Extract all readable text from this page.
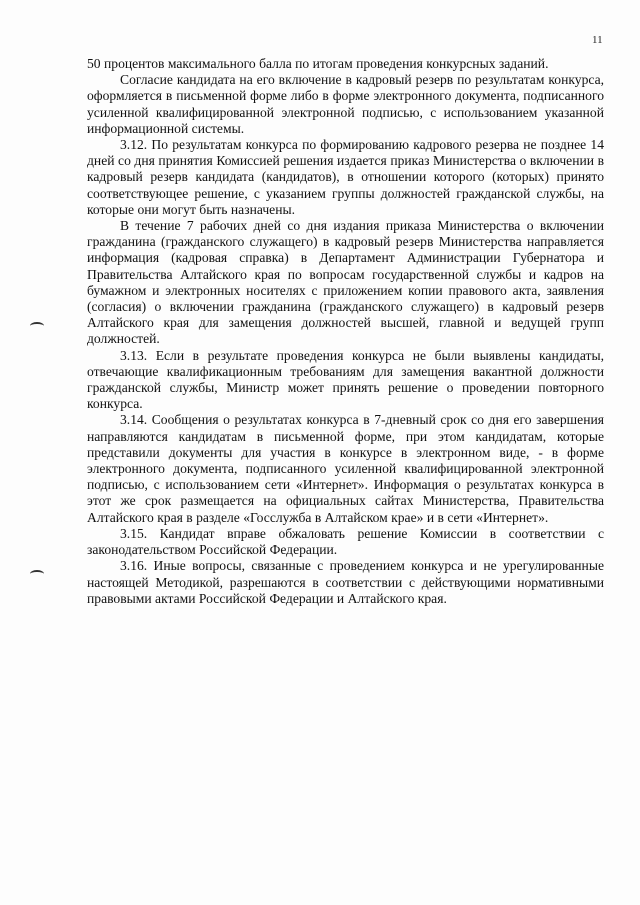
11

50 процентов максимального балла по итогам проведения конкурсных заданий.

Согласие кандидата на его включение в кадровый резерв по результатам конкурса, оформляется в письменной форме либо в форме электронного документа, подписанного усиленной квалифицированной электронной подписью, с использованием указанной информационной системы.

3.12. По результатам конкурса по формированию кадрового резерва не позднее 14 дней со дня принятия Комиссией решения издается приказ Министерства о включении в кадровый резерв кандидата (кандидатов), в отношении которого (которых) принято соответствующее решение, с указанием группы должностей гражданской службы, на которые они могут быть назначены.

В течение 7 рабочих дней со дня издания приказа Министерства о включении гражданина (гражданского служащего) в кадровый резерв Министерства направляется информация (кадровая справка) в Департамент Администрации Губернатора и Правительства Алтайского края по вопросам государственной службы и кадров на бумажном и электронных носителях с приложением копии правового акта, заявления (согласия) о включении гражданина (гражданского служащего) в кадровый резерв Алтайского края для замещения должностей высшей, главной и ведущей групп должностей.

3.13. Если в результате проведения конкурса не были выявлены кандидаты, отвечающие квалификационным требованиям для замещения вакантной должности гражданской службы, Министр может принять решение о проведении повторного конкурса.

3.14. Сообщения о результатах конкурса в 7-дневный срок со дня его завершения направляются кандидатам в письменной форме, при этом кандидатам, которые представили документы для участия в конкурсе в электронном виде, - в форме электронного документа, подписанного усиленной квалифицированной электронной подписью, с использованием сети «Интернет». Информация о результатах конкурса в этот же срок размещается на официальных сайтах Министерства, Правительства Алтайского края в разделе «Госслужба в Алтайском крае» и в сети «Интернет».

3.15. Кандидат вправе обжаловать решение Комиссии в соответствии с законодательством Российской Федерации.

3.16. Иные вопросы, связанные с проведением конкурса и не урегулированные настоящей Методикой, разрешаются в соответствии с действующими нормативными правовыми актами Российской Федерации и Алтайского края.
